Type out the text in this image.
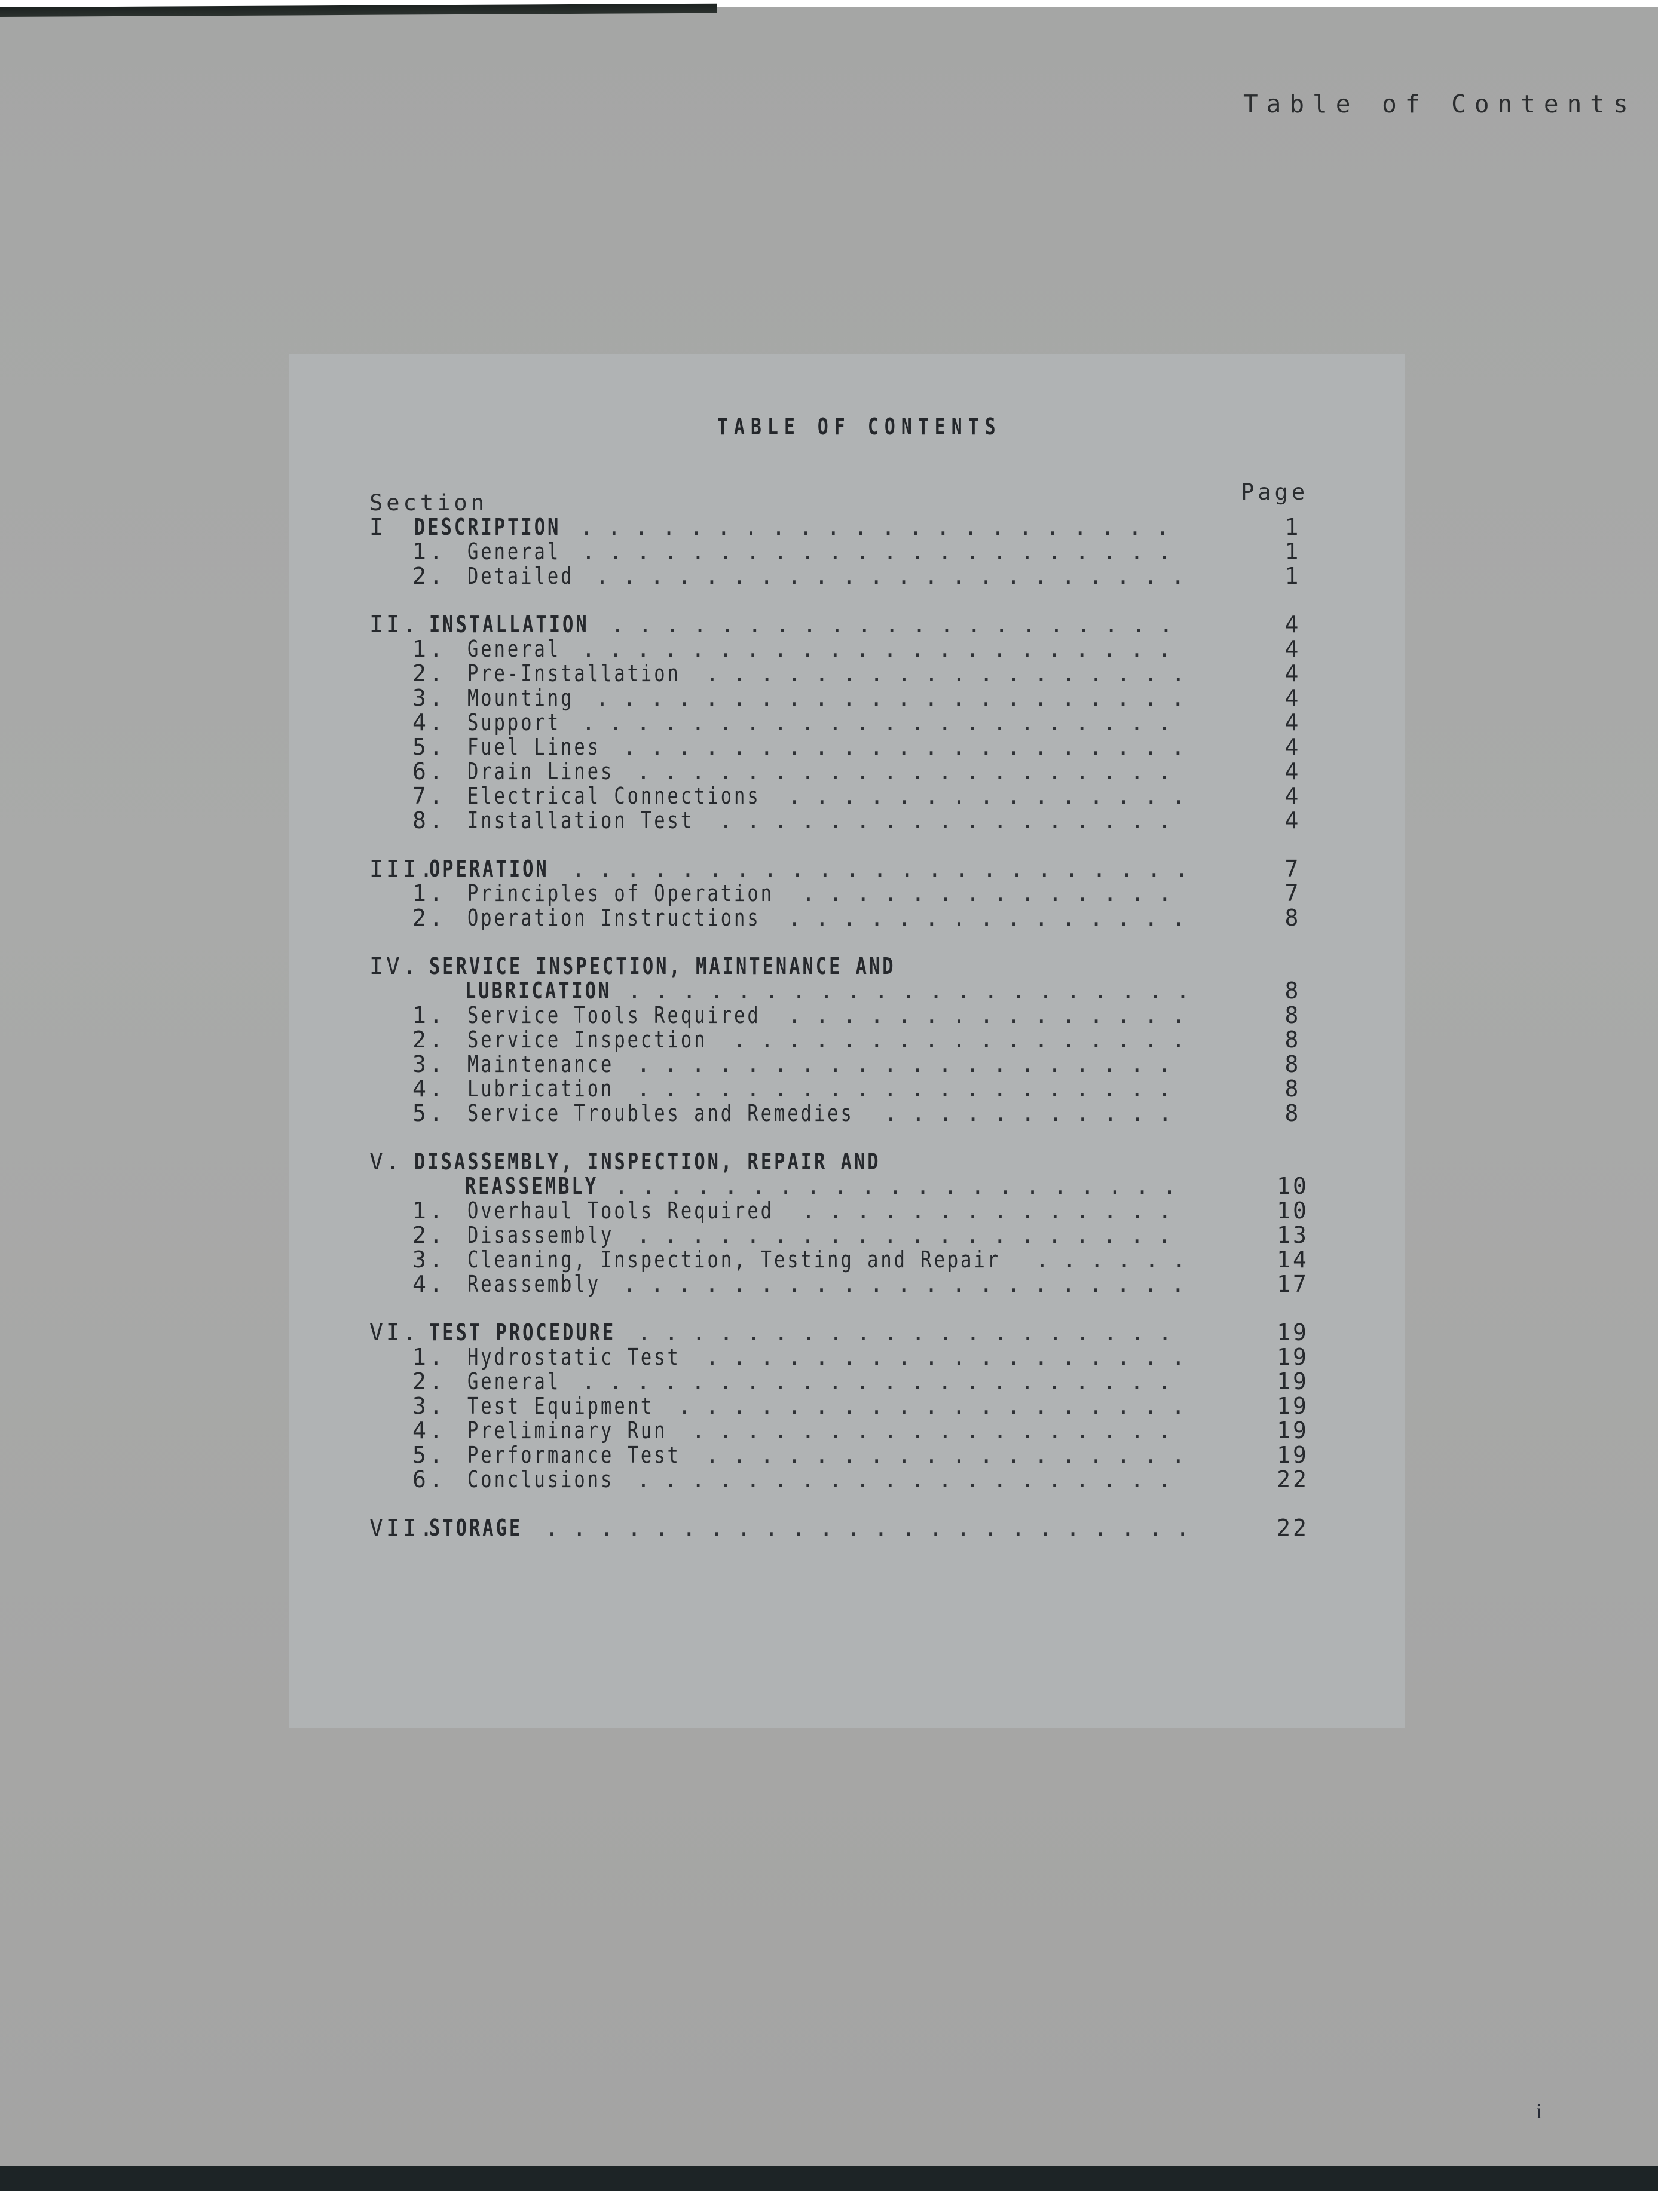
Table of Contents
TABLE OF CONTENTS
Section	Page
I DESCRIPTION ......................	1
1. General ......................	1
2. Detailed ......................	1
II. INSTALLATION .....................	4
1. General ......................	4
2. Pre-Installation ..................	4
3. Mounting ......................	4
4. Support ......................	4
5. Fuel Lines .....................	4
6. Drain Lines ....................	4
7. Electrical Connections ...............	4
8. Installation Test .................	4
III.
OPERATION .......................	7
1. Principles of Operation ..............	7
2. Operation Instructions ...............	8
IV. SERVICE INSPECTION, MAINTENANCE AND
LUBRICATION .....................	8
1. Service Tools Required ...............	8
2. Service Inspection .................	8
3. Maintenance ....................	8
4. Lubrication ....................	8
5. Service Troubles and Remedies ...........	8
V. DISASSEMBLY, INSPECTION, REPAIR AND
REASSEMBLY .....................	10
1. Overhaul Tools Required ..............	10
2. Disassembly ....................	13
3. Cleaning, Inspection, Testing and Repair ......	14
4. Reassembly .....................	17
VI. TEST PROCEDURE ....................	19
1. Hydrostatic Test ..................	19
2. General ......................	19
3. Test Equipment ...................	19
4. Preliminary Run ..................	19
5. Performance Test ..................	19
6. Conclusions ....................	22
VII.
STORAGE ........................	22
i
